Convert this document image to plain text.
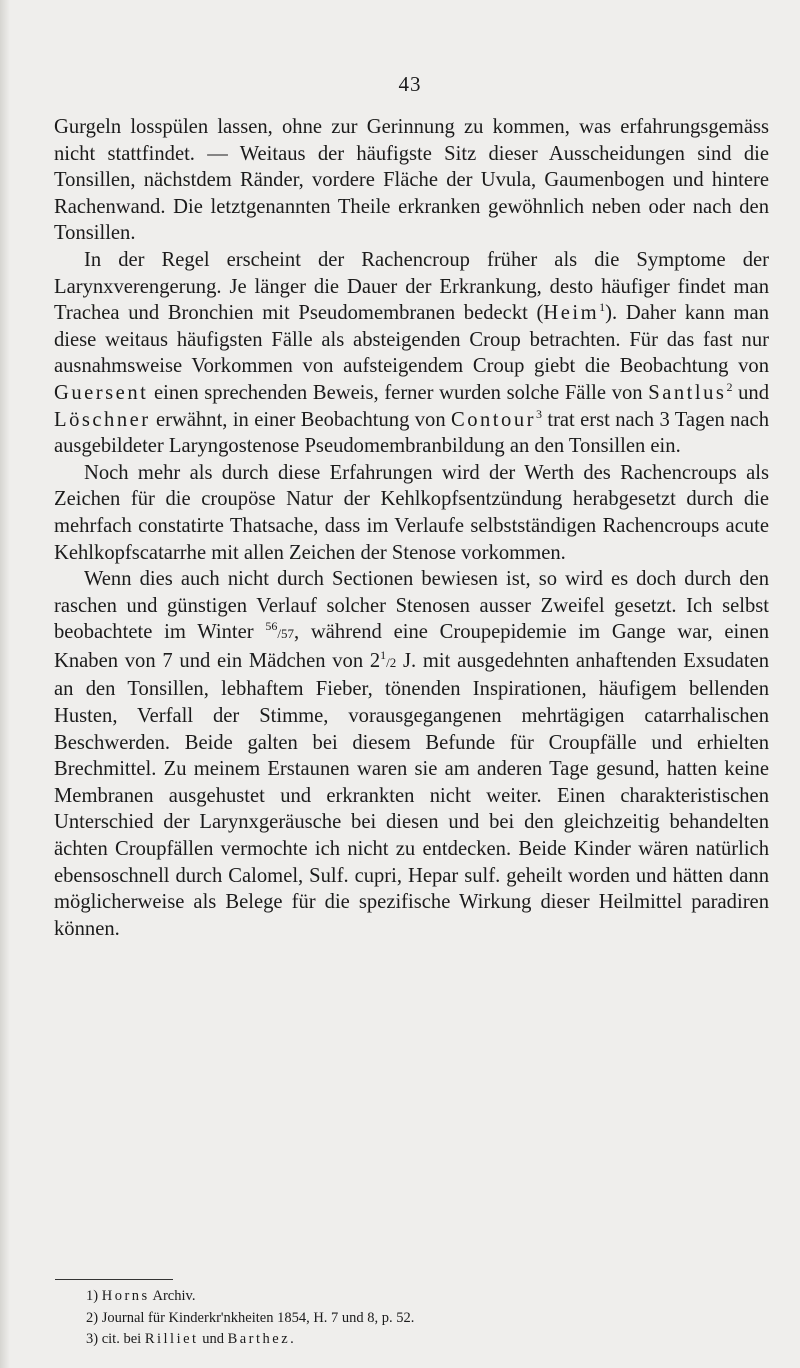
43

Gurgeln losspülen lassen, ohne zur Gerinnung zu kommen, was erfahrungsgemäss nicht stattfindet. — Weitaus der häufigste Sitz dieser Ausscheidungen sind die Tonsillen, nächstdem Ränder, vordere Fläche der Uvula, Gaumenbogen und hintere Rachenwand. Die letztgenannten Theile erkranken gewöhnlich neben oder nach den Tonsillen.

In der Regel erscheint der Rachencroup früher als die Symptome der Larynxverengerung. Je länger die Dauer der Erkrankung, desto häufiger findet man Trachea und Bronchien mit Pseudomembranen bedeckt (Heim$^1$). Daher kann man diese weitaus häufigsten Fälle als absteigenden Croup betrachten. Für das fast nur ausnahmsweise Vorkommen von aufsteigendem Croup giebt die Beobachtung von Guersent einen sprechenden Beweis, ferner wurden solche Fälle von Santlus$^2$ und Löschner erwähnt, in einer Beobachtung von Contour$^3$ trat erst nach 3 Tagen nach ausgebildeter Laryngostenose Pseudomembranbildung an den Tonsillen ein.

Noch mehr als durch diese Erfahrungen wird der Werth des Rachencroups als Zeichen für die croupöse Natur der Kehlkopfsentzündung herabgesetzt durch die mehrfach constatirte Thatsache, dass im Verlaufe selbstständigen Rachencroups acute Kehlkopfscatarrhe mit allen Zeichen der Stenose vorkommen.

Wenn dies auch nicht durch Sectionen bewiesen ist, so wird es doch durch den raschen und günstigen Verlauf solcher Stenosen ausser Zweifel gesetzt. Ich selbst beobachtete im Winter $^{56}$/57, während eine Croupepidemie im Gange war, einen Knaben von 7 und ein Mädchen von $2^1/2$ J. mit ausgedehnten anhaftenden Exsudaten an den Tonsillen, lebhaftem Fieber, tönenden Inspirationen, häufigem bellenden Husten, Verfall der Stimme, vorausgegangenen mehrtägigen catarrhalischen Beschwerden. Beide galten bei diesem Befunde für Croupfälle und erhielten Brechmittel. Zu meinem Erstaunen waren sie am anderen Tage gesund, hatten keine Membranen ausgehustet und erkrankten nicht weiter. Einen charakteristischen Unterschied der Larynxgeräusche bei diesen und bei den gleichzeitig behandelten ächten Croupfällen vermochte ich nicht zu entdecken. Beide Kinder wären natürlich ebensoschnell durch Calomel, Sulf. cupri, Hepar sulf. geheilt worden und hätten dann möglicherweise als Belege für die spezifische Wirkung dieser Heilmittel paradiren können.

1) Horns Archiv.
2) Journal für Kinderkr'nkheiten 1854, H. 7 und 8, p. 52.
3) cit. bei Rilliet und Barthez.
